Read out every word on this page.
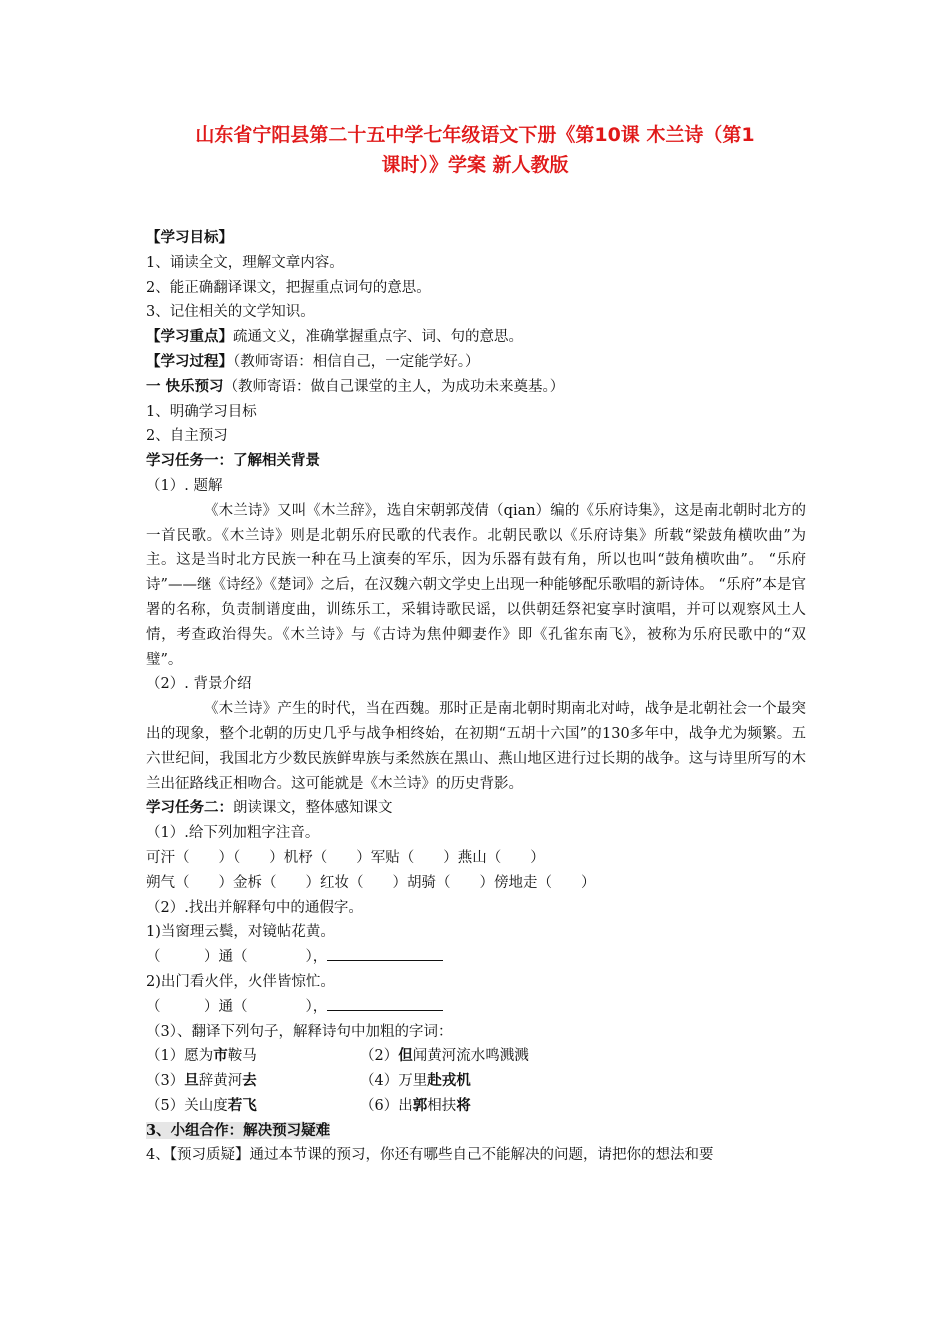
山东省宁阳县第二十五中学七年级语文下册《第10课 木兰诗（第1
课时）》学案 新人教版
【学习目标】
1、诵读全文，理解文章内容。
2、能正确翻译课文，把握重点词句的意思。
3、记住相关的文学知识。
【学习重点】疏通文义，准确掌握重点字、词、句的意思。
【学习过程】（教师寄语：相信自己，一定能学好。）
一 快乐预习（教师寄语：做自己课堂的主人，为成功未来奠基。）
1、明确学习目标
2、自主预习
学习任务一：了解相关背景
（1）. 题解
《木兰诗》又叫《木兰辞》，选自宋朝郭茂倩（qian）编的《乐府诗集》，这是南北朝时北方的一首民歌。《木兰诗》则是北朝乐府民歌的代表作。北朝民歌以《乐府诗集》所载“梁鼓角横吹曲”为主。这是当时北方民族一种在马上演奏的军乐，因为乐器有鼓有角，所以也叫“鼓角横吹曲”。 “乐府诗”——继《诗经》《楚词》之后，在汉魏六朝文学史上出现一种能够配乐歌唱的新诗体。 “乐府”本是官署的名称，负责制谱度曲，训练乐工，采辑诗歌民谣，以供朝廷祭祀宴享时演唱，并可以观察风土人情，考查政治得失。《木兰诗》与《古诗为焦仲卿妻作》即《孔雀东南飞》，被称为乐府民歌中的“双璧”。
（2）. 背景介绍
《木兰诗》产生的时代，当在西魏。那时正是南北朝时期南北对峙，战争是北朝社会一个最突出的现象，整个北朝的历史几乎与战争相终始，在初期“五胡十六国”的130多年中，战争尤为频繁。五六世纪间，我国北方少数民族鲜卑族与柔然族在黑山、燕山地区进行过长期的战争。这与诗里所写的木兰出征路线正相吻合。这可能就是《木兰诗》的历史背影。
学习任务二：朗读课文，整体感知课文
（1）.给下列加粗字注音。
可汗（　　）（　　）机杼（　　）军贴（　　）燕山（　　）
朔气（　　）金柝（　　）红妆（　　）胡骑（　　）傍地走（　　）
（2）.找出并解释句中的通假字。
1)当窗理云鬓，对镜帖花黄。
（　　　）通（　　　　），
2)出门看火伴，火伴皆惊忙。
（　　　）通（　　　　），
（3）、翻译下列句子，解释诗句中加粗的字词：
（1）愿为市鞍马	（2）但闻黄河流水鸣溅溅
（3）旦辞黄河去	（4）万里赴戎机
（5）关山度若飞	（6）出郭相扶将
3、小组合作：解决预习疑难
4、【预习质疑】通过本节课的预习，你还有哪些自己不能解决的问题，请把你的想法和要
